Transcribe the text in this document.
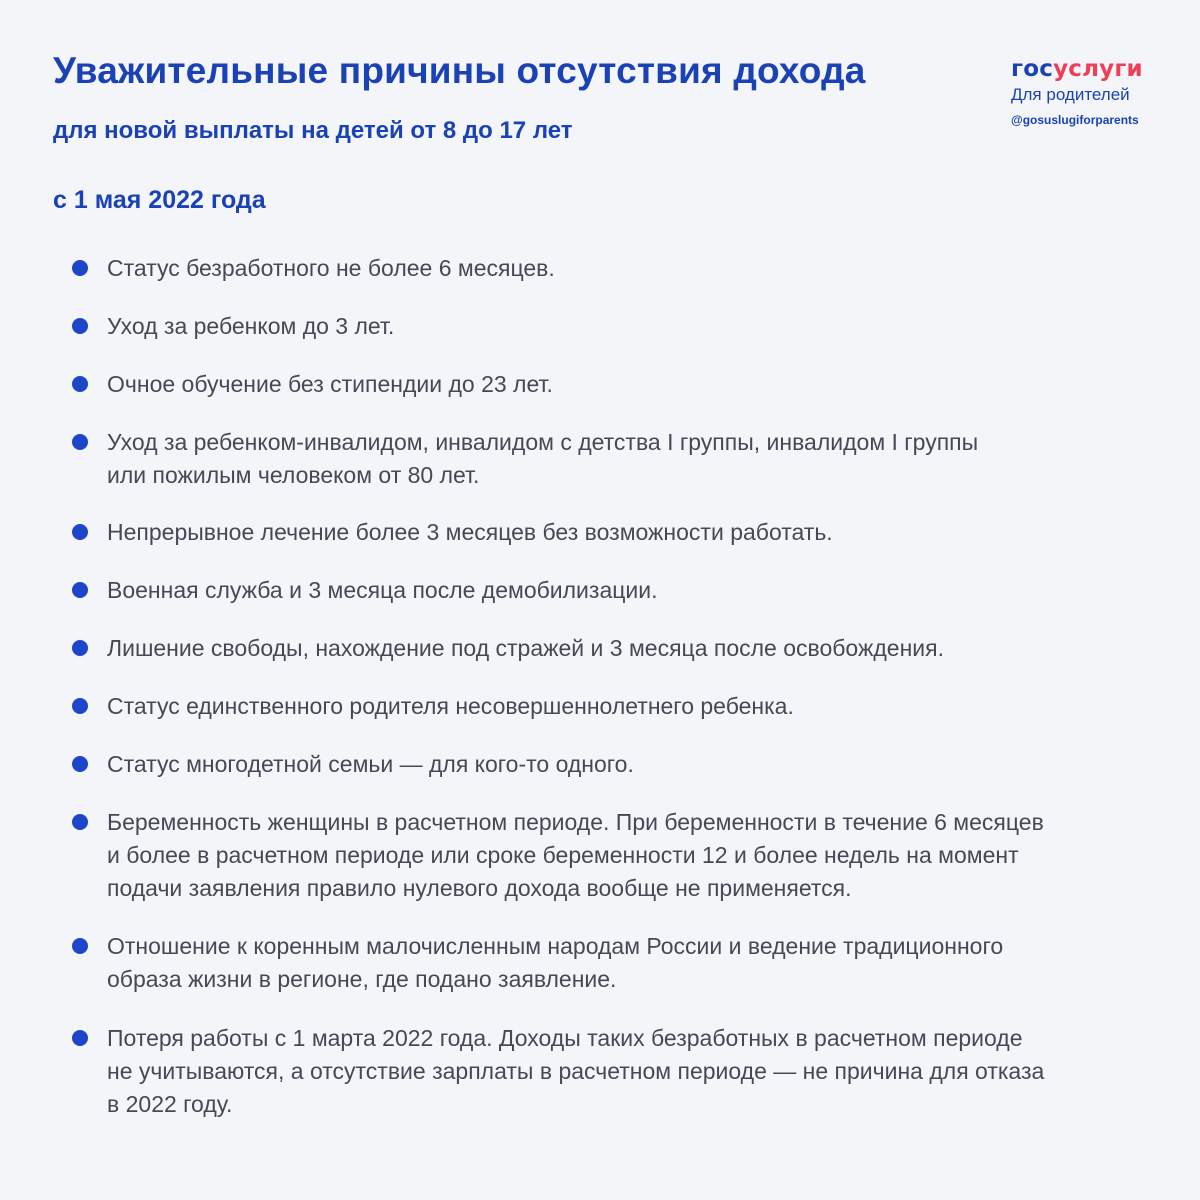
Уважительные причины отсутствия дохода
для новой выплаты на детей от 8 до 17 лет
с 1 мая 2022 года
госуслуги
Для родителей
@gosuslugiforparents
Статус безработного не более 6 месяцев.
Уход за ребенком до 3 лет.
Очное обучение без стипендии до 23 лет.
Уход за ребенком-инвалидом, инвалидом с детства I группы, инвалидом I группы
или пожилым человеком от 80 лет.
Непрерывное лечение более 3 месяцев без возможности работать.
Военная служба и 3 месяца после демобилизации.
Лишение свободы, нахождение под стражей и 3 месяца после освобождения.
Статус единственного родителя несовершеннолетнего ребенка.
Статус многодетной семьи — для кого-то одного.
Беременность женщины в расчетном периоде. При беременности в течение 6 месяцев
и более в расчетном периоде или сроке беременности 12 и более недель на момент
подачи заявления правило нулевого дохода вообще не применяется.
Отношение к коренным малочисленным народам России и ведение традиционного
образа жизни в регионе, где подано заявление.
Потеря работы с 1 марта 2022 года. Доходы таких безработных в расчетном периоде
не учитываются, а отсутствие зарплаты в расчетном периоде — не причина для отказа
в 2022 году.
